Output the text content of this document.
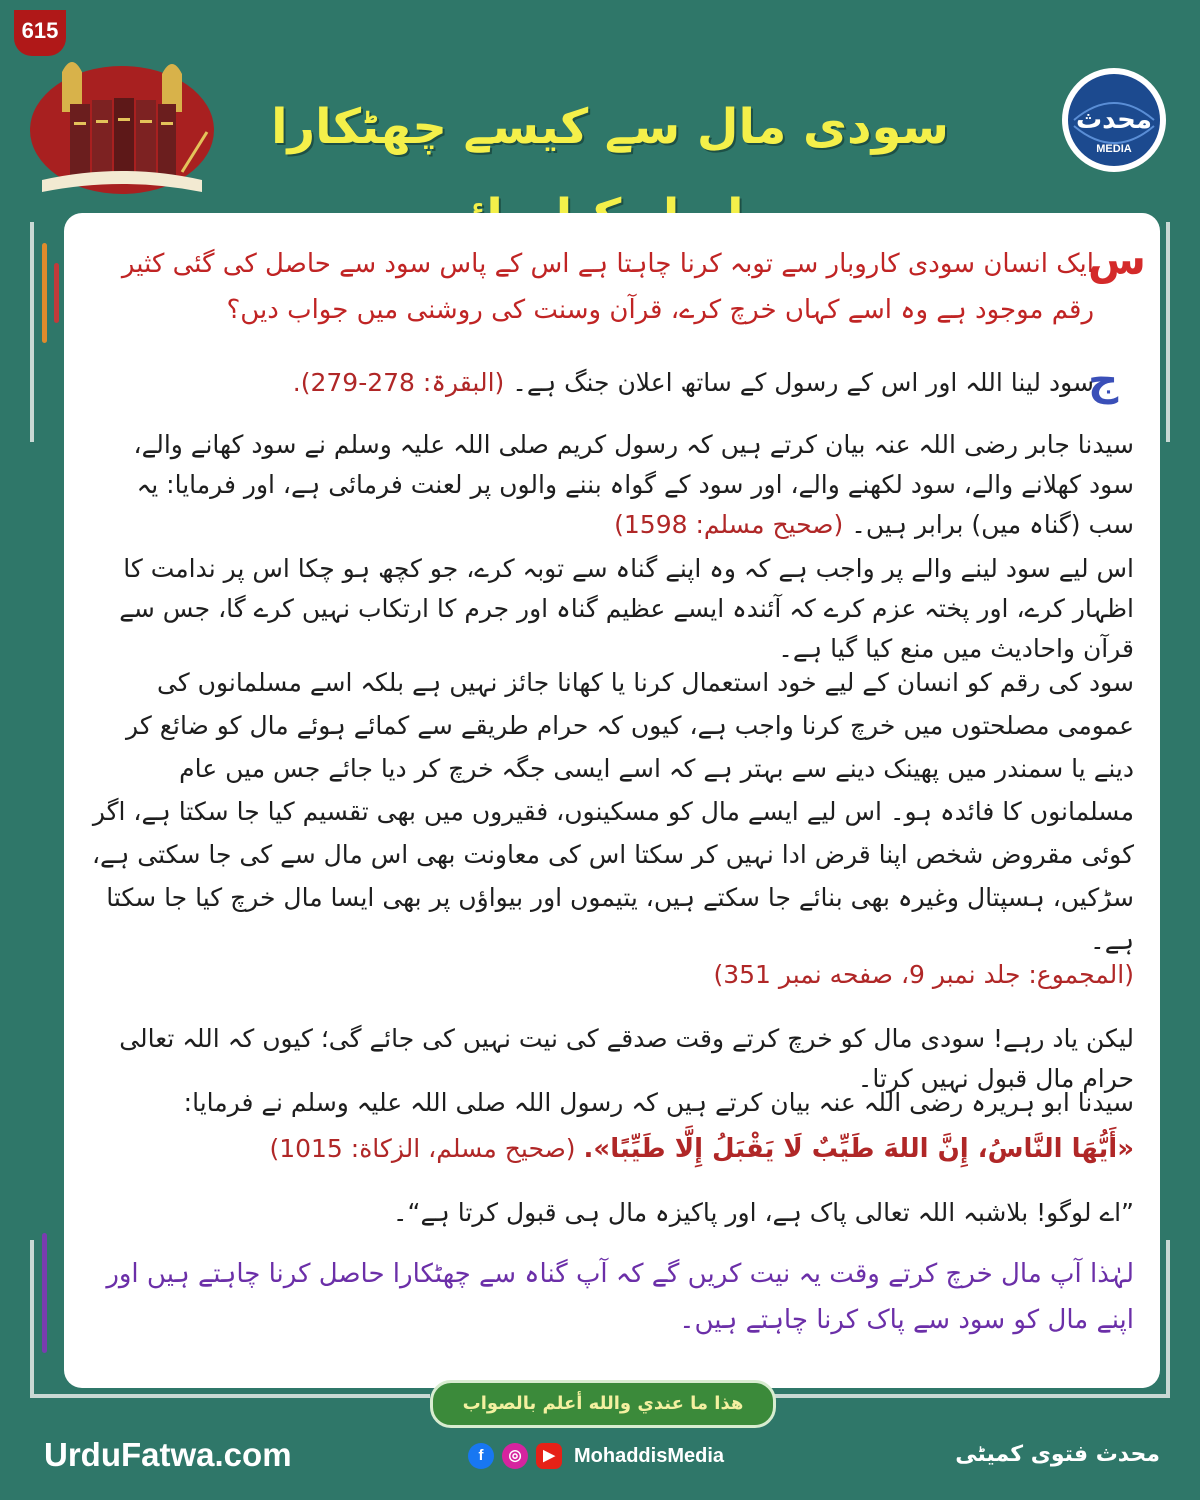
615
سودی مال سے کیسے چھٹکارا	محدث
MEDIA
س

ایک انسان سودی کاروبار سے توبہ کرنا چاہتا ہے اس کے پاس سود سے حاصل کی گئی کثیر رقم موجود ہے وہ اسے کہاں خرچ کرے، قرآن وسنت کی روشنی میں جواب دیں؟

ج

سود لینا اللہ اور اس کے رسول کے ساتھ اعلان جنگ ہے۔ (البقرۃ: 278-279).

سیدنا جابر رضی اللہ عنہ بیان کرتے ہیں کہ رسول کریم صلی اللہ علیہ وسلم نے سود کھانے والے، سود کھلانے والے، سود لکھنے والے، اور سود کے گواہ بننے والوں پر لعنت فرمائی ہے، اور فرمایا: یہ سب (گناہ میں) برابر ہیں۔ (صحیح مسلم: 1598)

اس لیے سود لینے والے پر واجب ہے کہ وہ اپنے گناہ سے توبہ کرے، جو کچھ ہو چکا اس پر ندامت کا اظہار کرے، اور پختہ عزم کرے کہ آئندہ ایسے عظیم گناہ اور جرم کا ارتکاب نہیں کرے گا، جس سے قرآن واحادیث میں منع کیا گیا ہے۔

سود کی رقم کو انسان کے لیے خود استعمال کرنا یا کھانا جائز نہیں ہے بلکہ اسے مسلمانوں کی عمومی مصلحتوں میں خرچ کرنا واجب ہے، کیوں کہ حرام طریقے سے کمائے ہوئے مال کو ضائع کر دینے یا سمندر میں پھینک دینے سے بہتر ہے کہ اسے ایسی جگہ خرچ کر دیا جائے جس میں عام مسلمانوں کا فائدہ ہو۔ اس لیے ایسے مال کو مسکینوں، فقیروں میں بھی تقسیم کیا جا سکتا ہے، اگر کوئی مقروض شخص اپنا قرض ادا نہیں کر سکتا اس کی معاونت بھی اس مال سے کی جا سکتی ہے، سڑکیں، ہسپتال وغیرہ بھی بنائے جا سکتے ہیں، یتیموں اور بیواؤں پر بھی ایسا مال خرچ کیا جا سکتا ہے۔

(المجموع: جلد نمبر 9، صفحه نمبر 351)

لیکن یاد رہے! سودی مال کو خرچ کرتے وقت صدقے کی نیت نہیں کی جائے گی؛ کیوں کہ اللہ تعالی حرام مال قبول نہیں کرتا۔

سیدنا ابو ہریرہ رضی اللہ عنہ بیان کرتے ہیں کہ رسول اللہ صلی اللہ علیہ وسلم نے فرمایا:

«أَيُّهَا النَّاسُ، إِنَّ اللهَ طَيِّبٌ لَا يَقْبَلُ إِلَّا طَيِّبًا». (صحيح مسلم، الزكاة: 1015)

”اے لوگو! بلاشبہ اللہ تعالی پاک ہے، اور پاکیزہ مال ہی قبول کرتا ہے“۔

لہٰذا آپ مال خرچ کرتے وقت یہ نیت کریں گے کہ آپ گناہ سے چھٹکارا حاصل کرنا چاہتے ہیں اور اپنے مال کو سود سے پاک کرنا چاہتے ہیں۔

هذا ما عندي والله أعلم بالصواب
UrduFatwa.com	f	◎	▶ MohaddisMedia	محدث فتوی کمیٹی
